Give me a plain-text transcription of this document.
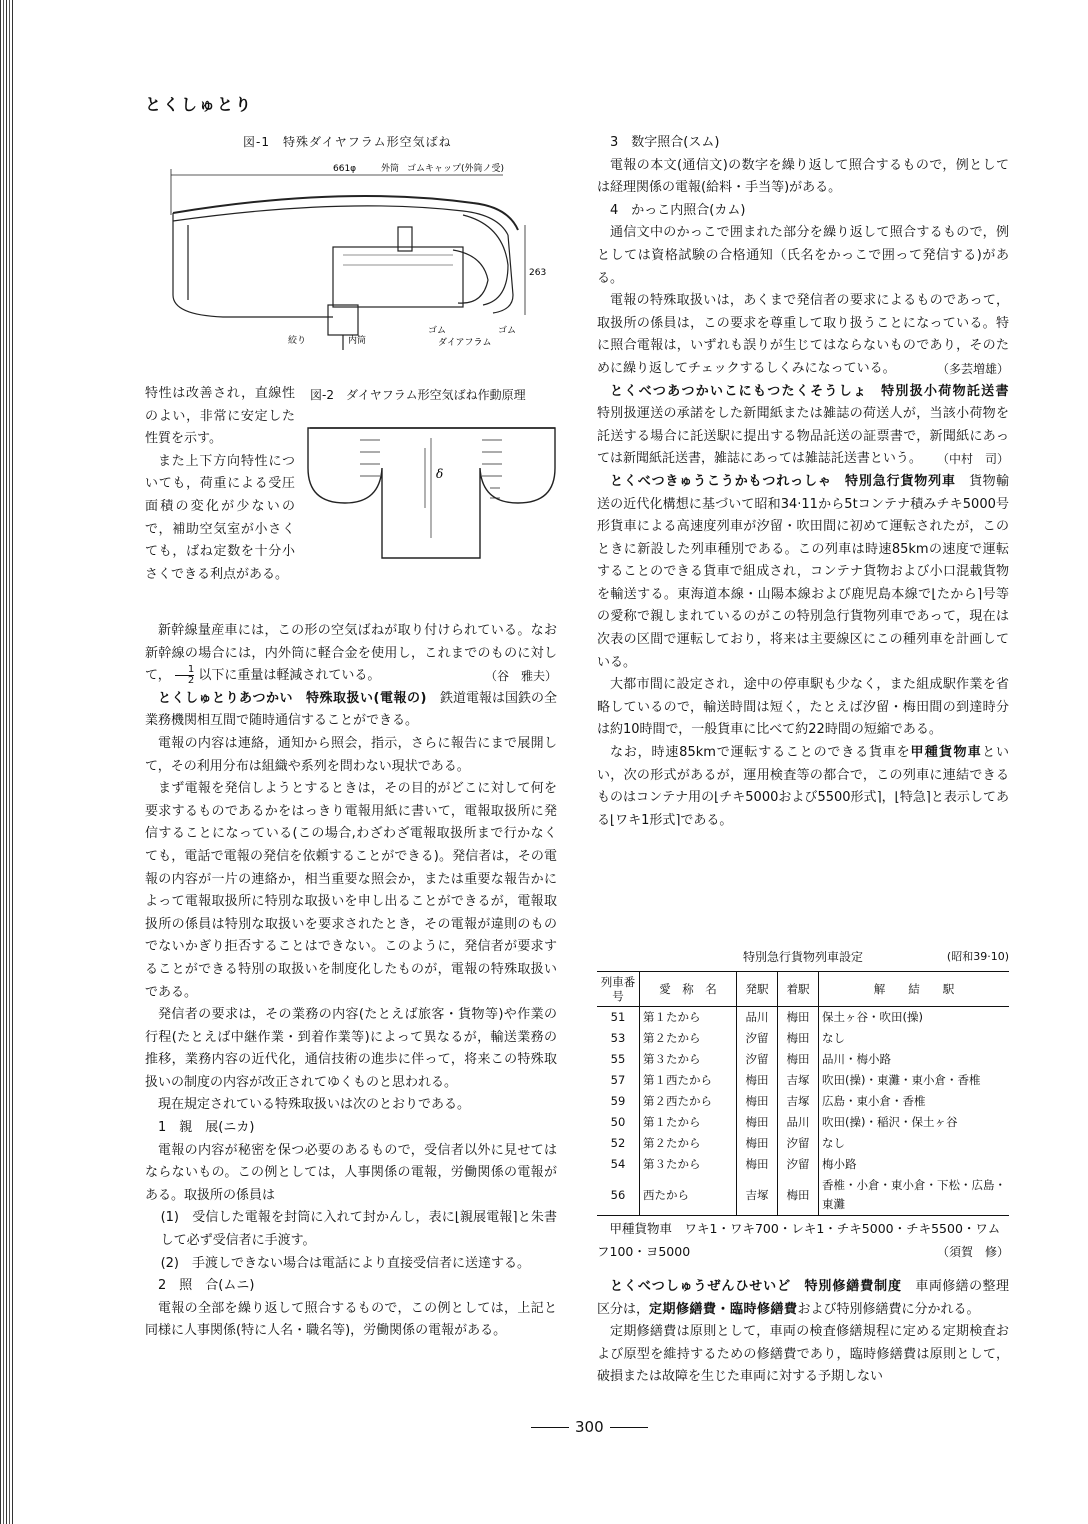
とくしゅとり
図-1　特殊ダイヤフラム形空気ばね
661φ	外筒 ゴムキャップ(外筒ノ受)
263
絞り	内筒
ゴム	ゴム
ダイアフラム
図-2　ダイヤフラム形空気ばね作動原理
δ

特性は改善され，直線性のよい，非常に安定した性質を示す。

また上下方向特性についても，荷重による受圧面積の変化が少ないので，補助空気室が小さくても，ばね定数を十分小さくできる利点がある。

新幹線量産車には，この形の空気ばねが取り付けられている。なお新幹線の場合には，内外筒に軽合金を使用し，これまでのものに対して， $\frac{1}{2}$ 以下に重量は軽減されている。	（谷　雅夫）

とくしゅとりあつかい　 特殊取扱い(電報の)　 鉄道電報は国鉄の全業務機関相互間で随時通信することができる。

電報の内容は連絡，通知から照会，指示，さらに報告にまで展開して，その利用分布は組織や系列を問わない現状である。

まず電報を発信しようとするときは，その目的がどこに対して何を要求するものであるかをはっきり電報用紙に書いて，電報取扱所に発信することになっている(この場合,わざわざ電報取扱所まで行かなくても，電話で電報の発信を依頼することができる)。発信者は，その電報の内容が一片の連絡か，相当重要な照会か，または重要な報告かによって電報取扱所に特別な取扱いを申し出ることができるが，電報取扱所の係員は特別な取扱いを要求されたとき，その電報が違則のものでないかぎり拒否することはできない。このように，発信者が要求することができる特別の取扱いを制度化したものが，電報の特殊取扱いである。

発信者の要求は，その業務の内容(たとえば旅客・貨物等)や作業の行程(たとえば中継作業・到着作業等)によって異なるが，輸送業務の推移，業務内容の近代化，通信技術の進歩に伴って，将来この特殊取扱いの制度の内容が改正されてゆくものと思われる。

現在規定されている特殊取扱いは次のとおりである。

1　親　展(ニカ)

電報の内容が秘密を保つ必要のあるもので，受信者以外に見せてはならないもの。この例としては，人事関係の電報，労働関係の電報がある。取扱所の係員は

(1)　受信した電報を封筒に入れて封かんし，表に⌊親展電報⌉と朱書して必ず受信者に手渡す。

(2)　手渡しできない場合は電話により直接受信者に送達する。

2　照　合(ムニ)

電報の全部を繰り返して照合するもので，この例としては，上記と同様に人事関係(特に人名・職名等)，労働関係の電報がある。

3　数字照合(スム)

電報の本文(通信文)の数字を繰り返して照合するもので，例としては経理関係の電報(給料・手当等)がある。

4　かっこ内照合(カム)

通信文中のかっこで囲まれた部分を繰り返して照合するもので，例としては資格試験の合格通知（氏名をかっこで囲って発信する)がある。

電報の特殊取扱いは，あくまで発信者の要求によるものであって，取扱所の係員は，この要求を尊重して取り扱うことになっている。特に照合電報は，いずれも誤りが生じてはならないものであり，そのために繰り返してチェックするしくみになっている。	（多芸増雄）

とくべつあつかいこにもつたくそうしょ　 特別扱小荷物託送書　特別扱運送の承諾をした新聞紙または雑誌の荷送人が，当該小荷物を託送する場合に託送駅に提出する物品託送の証票書で，新聞紙にあっては新聞紙託送書，雑誌にあっては雑誌託送書という。	（中村　司）

とくべつきゅうこうかもつれっしゃ　 特別急行貨物列車　 貨物輸送の近代化構想に基づいて昭和34·11から5tコンテナ積みチキ5000号形貨車による高速度列車が汐留・吹田間に初めて運転されたが，このときに新設した列車種別である。この列車は時速85kmの速度で運転することのできる貨車で組成され，コンテナ貨物および小口混載貨物を輸送する。東海道本線・山陽本線および鹿児島本線で⌊たから⌉号等の愛称で親しまれているのがこの特別急行貨物列車であって，現在は次表の区間で運転しており，将来は主要線区にこの種列車を計画している。

大都市間に設定され，途中の停車駅も少なく，また組成駅作業を省略しているので，輸送時間は短く，たとえば汐留・梅田間の到達時分は約10時間で，一般貨車に比べて約22時間の短縮である。

なお，時速85kmで運転することのできる貨車を甲種貨物車といい，次の形式があるが，運用検査等の都合で，この列車に連結できるものはコンテナ用の⌊チキ5000および5500形式⌉，⌊特急⌉と表示してある⌊ワキ1形式⌉である。

特別急行貨物列車設定	(昭和39·10)
列車番号	愛　称　名	発駅	着駅	解　　結　　駅
51	第１たから	品川	梅田	保土ヶ谷・吹田(操)
53	第２たから	汐留	梅田	なし
55	第３たから	汐留	梅田	品川・梅小路
57	第１西たから	梅田	吉塚	吹田(操)・東灘・東小倉・香椎
59	第２西たから	梅田	吉塚	広島・東小倉・香椎
50	第１たから	梅田	品川	吹田(操)・稲沢・保土ヶ谷
52	第２たから	梅田	汐留	なし
54	第３たから	梅田	汐留	梅小路
56	西たから	吉塚	梅田	香椎・小倉・東小倉・下松・広島・東灘

甲種貨物車　 ワキ1・ワキ700・レキ1・チキ5000・チキ5500・ワムフ100・ヨ5000	（須賀　修）

とくべつしゅうぜんひせいど　 特別修繕費制度　 車両修繕の整理区分は，定期修繕費・臨時修繕費および特別修繕費に分かれる。

定期修繕費は原則として，車両の検査修繕規程に定める定期検査および原型を維持するための修繕費であり，臨時修繕費は原則として，破損または故障を生じた車両に対する予期しない

300
